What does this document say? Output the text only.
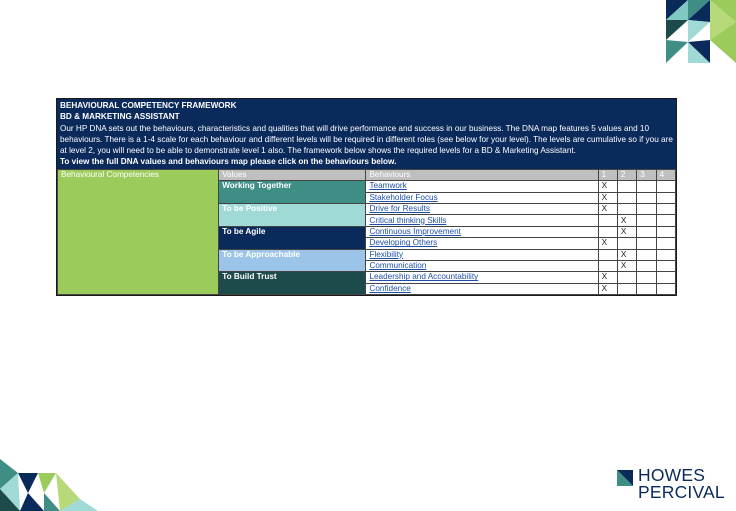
BEHAVIOURAL COMPETENCY FRAMEWORK
BD & MARKETING ASSISTANT
Our HP DNA sets out the behaviours, characteristics and qualities that will drive performance and success in our business. The DNA map features 5 values and 10 behaviours. There is a 1-4 scale for each behaviour and different levels will be required in different roles (see below for your level). The levels are cumulative so if you are at level 2, you will need to be able to demonstrate level 1 also. The framework below shows the required levels for a BD & Marketing Assistant.
To view the full DNA values and behaviours map please click on the behaviours below.
Behavioural Competencies	Values	Behaviours	1	2	3	4
	Working Together	Teamwork	X			
		Stakeholder Focus	X			
	To be Positive	Drive for Results	X			
		Critical thinking Skills		X		
	To be Agile	Continuous Improvement		X		
		Developing Others	X			
	To be Approachable	Flexibility		X		
		Communication		X		
	To Build Trust	Leadership and Accountability	X			
		Confidence	X			
HOWES
PERCIVAL
